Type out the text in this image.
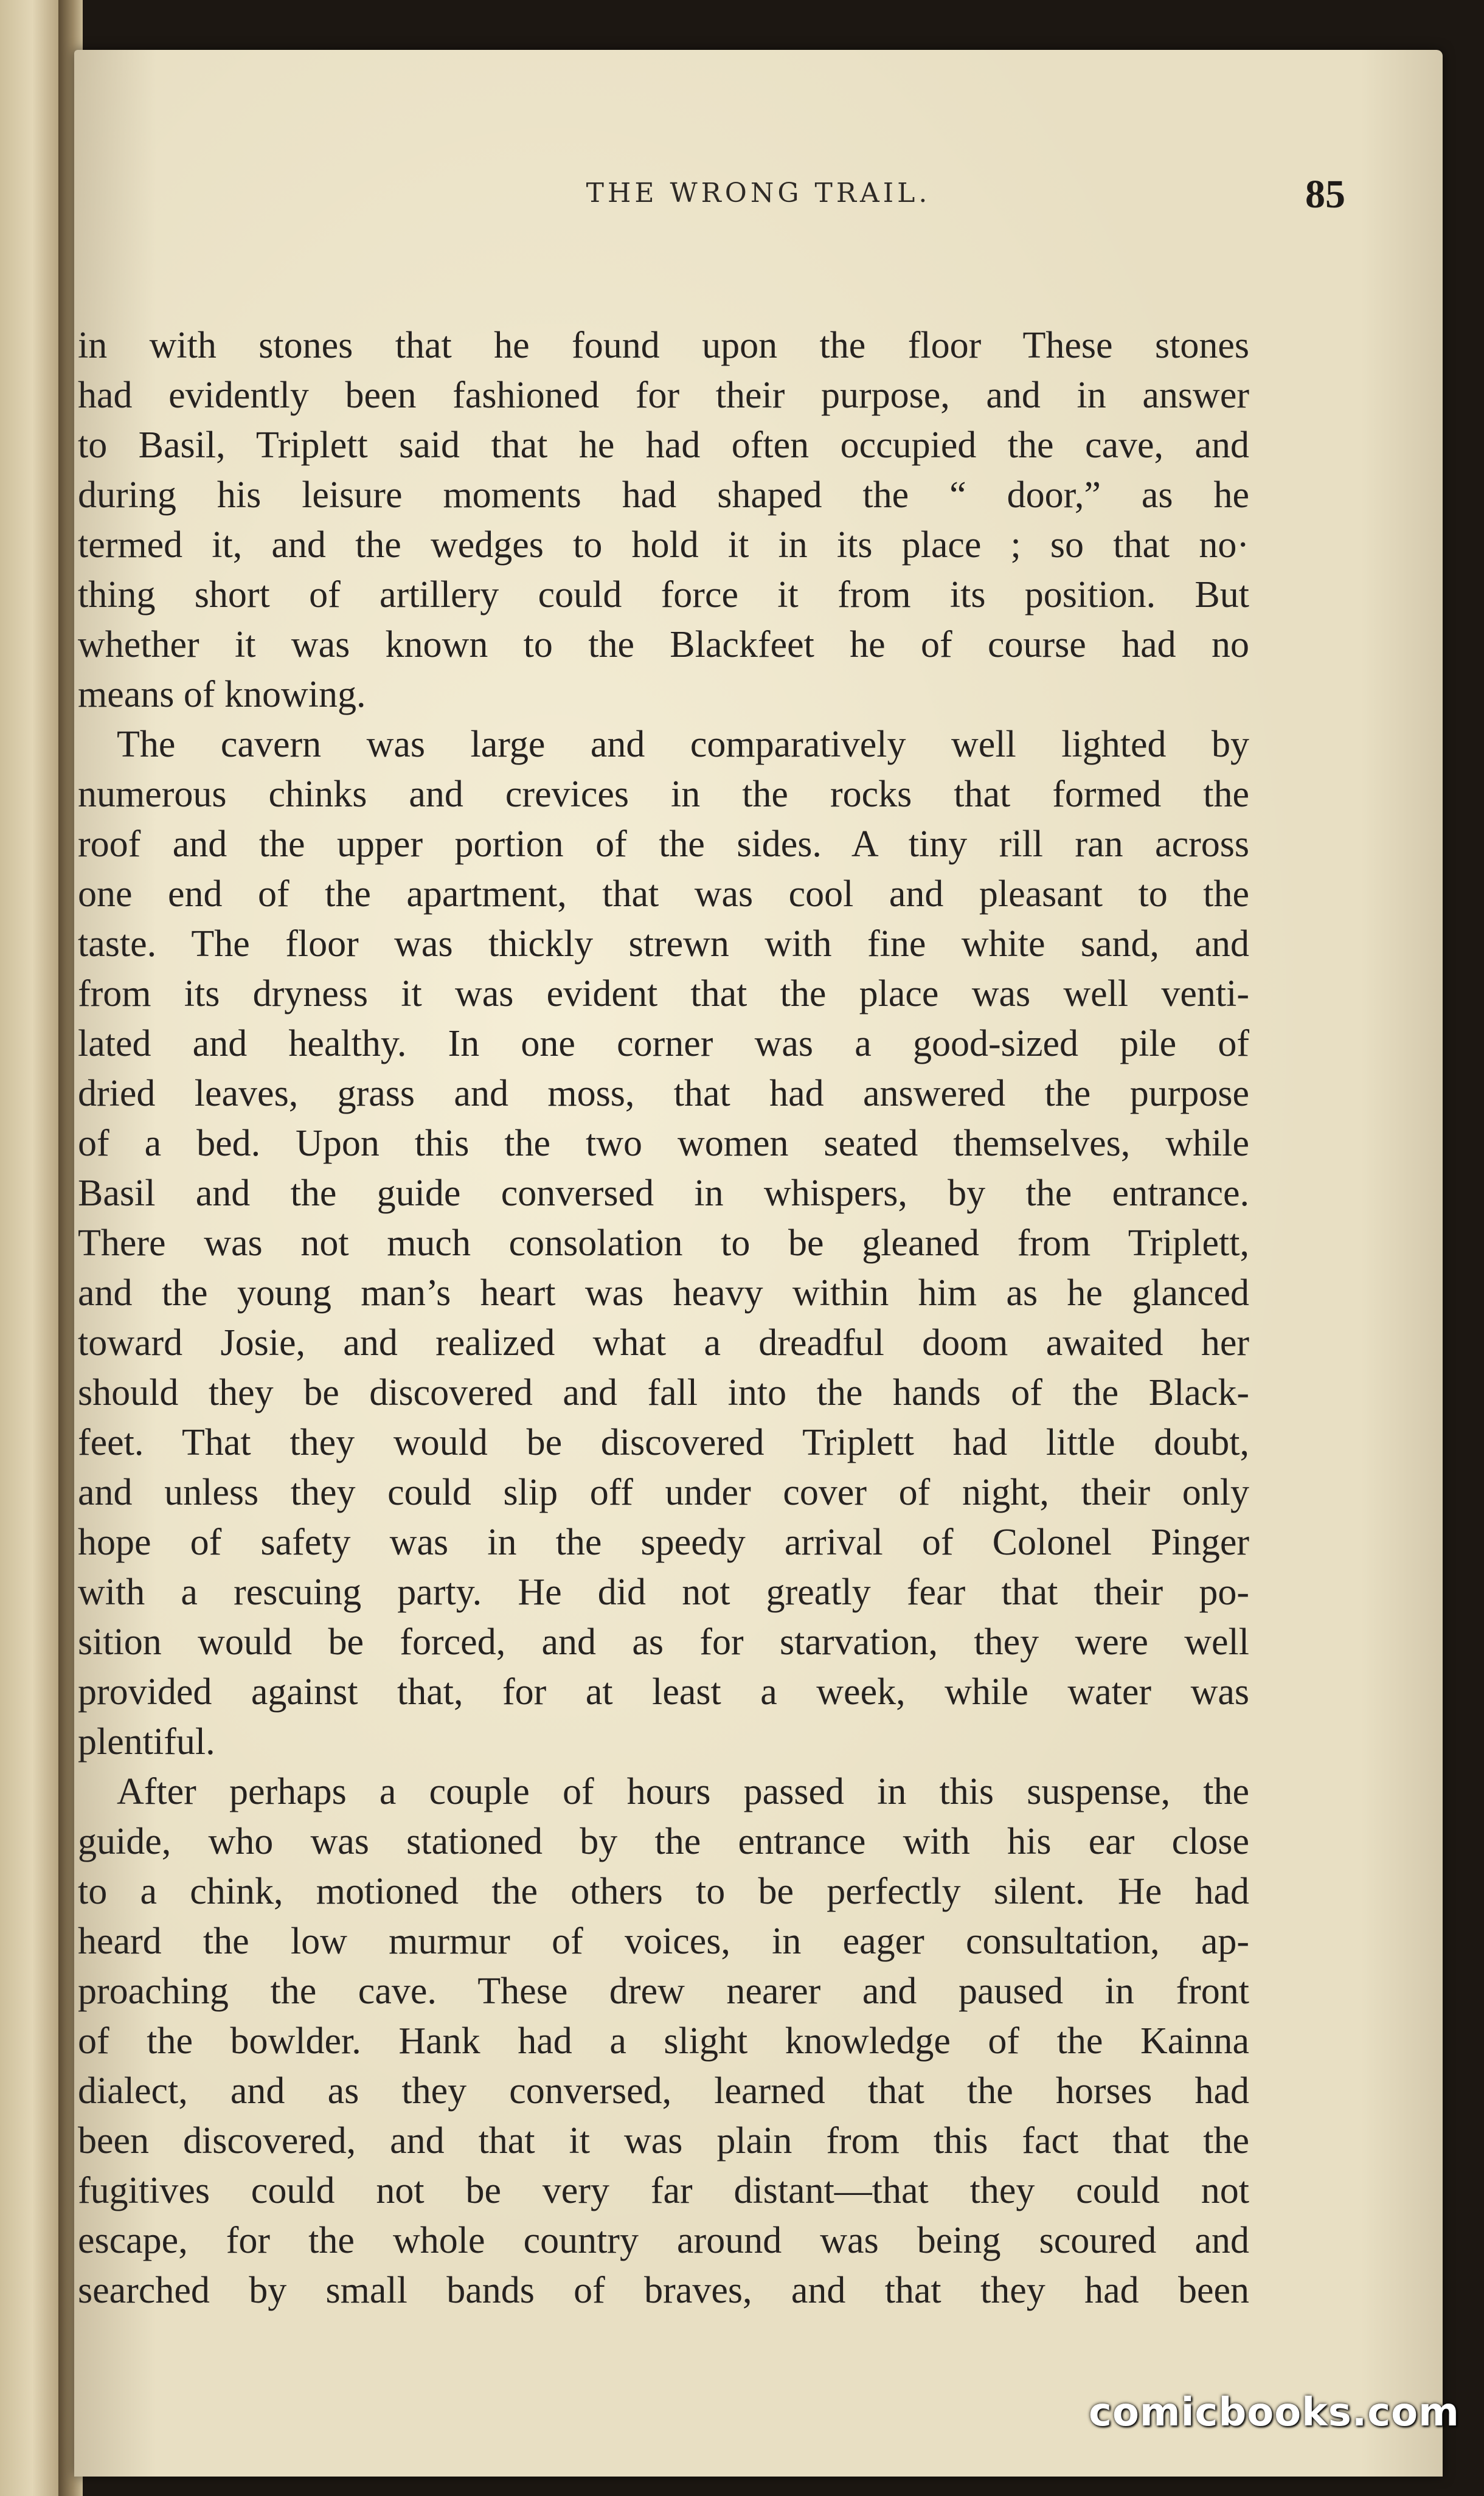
THE WRONG TRAIL.	85
in with stones that he found upon the floor These stones
had evidently been fashioned for their purpose, and in answer
to Basil, Triplett said that he had often occupied the cave, and
during his leisure moments had shaped the “ door,” as he
termed it, and the wedges to hold it in its place ; so that no·
thing short of artillery could force it from its position. But
whether it was known to the Blackfeet he of course had no
means of knowing.
The cavern was large and comparatively well lighted by
numerous chinks and crevices in the rocks that formed the
roof and the upper portion of the sides. A tiny rill ran across
one end of the apartment, that was cool and pleasant to the
taste. The floor was thickly strewn with fine white sand, and
from its dryness it was evident that the place was well venti-
lated and healthy. In one corner was a good-sized pile of
dried leaves, grass and moss, that had answered the purpose
of a bed. Upon this the two women seated themselves, while
Basil and the guide conversed in whispers, by the entrance.
There was not much consolation to be gleaned from Triplett,
and the young man’s heart was heavy within him as he glanced
toward Josie, and realized what a dreadful doom awaited her
should they be discovered and fall into the hands of the Black-
feet. That they would be discovered Triplett had little doubt,
and unless they could slip off under cover of night, their only
hope of safety was in the speedy arrival of Colonel Pinger
with a rescuing party. He did not greatly fear that their po-
sition would be forced, and as for starvation, they were well
provided against that, for at least a week, while water was
plentiful.
After perhaps a couple of hours passed in this suspense, the
guide, who was stationed by the entrance with his ear close
to a chink, motioned the others to be perfectly silent. He had
heard the low murmur of voices, in eager consultation, ap-
proaching the cave. These drew nearer and paused in front
of the bowlder. Hank had a slight knowledge of the Kainna
dialect, and as they conversed, learned that the horses had
been discovered, and that it was plain from this fact that the
fugitives could not be very far distant—that they could not
escape, for the whole country around was being scoured and
searched by small bands of braves, and that they had been
comicbooks.com
